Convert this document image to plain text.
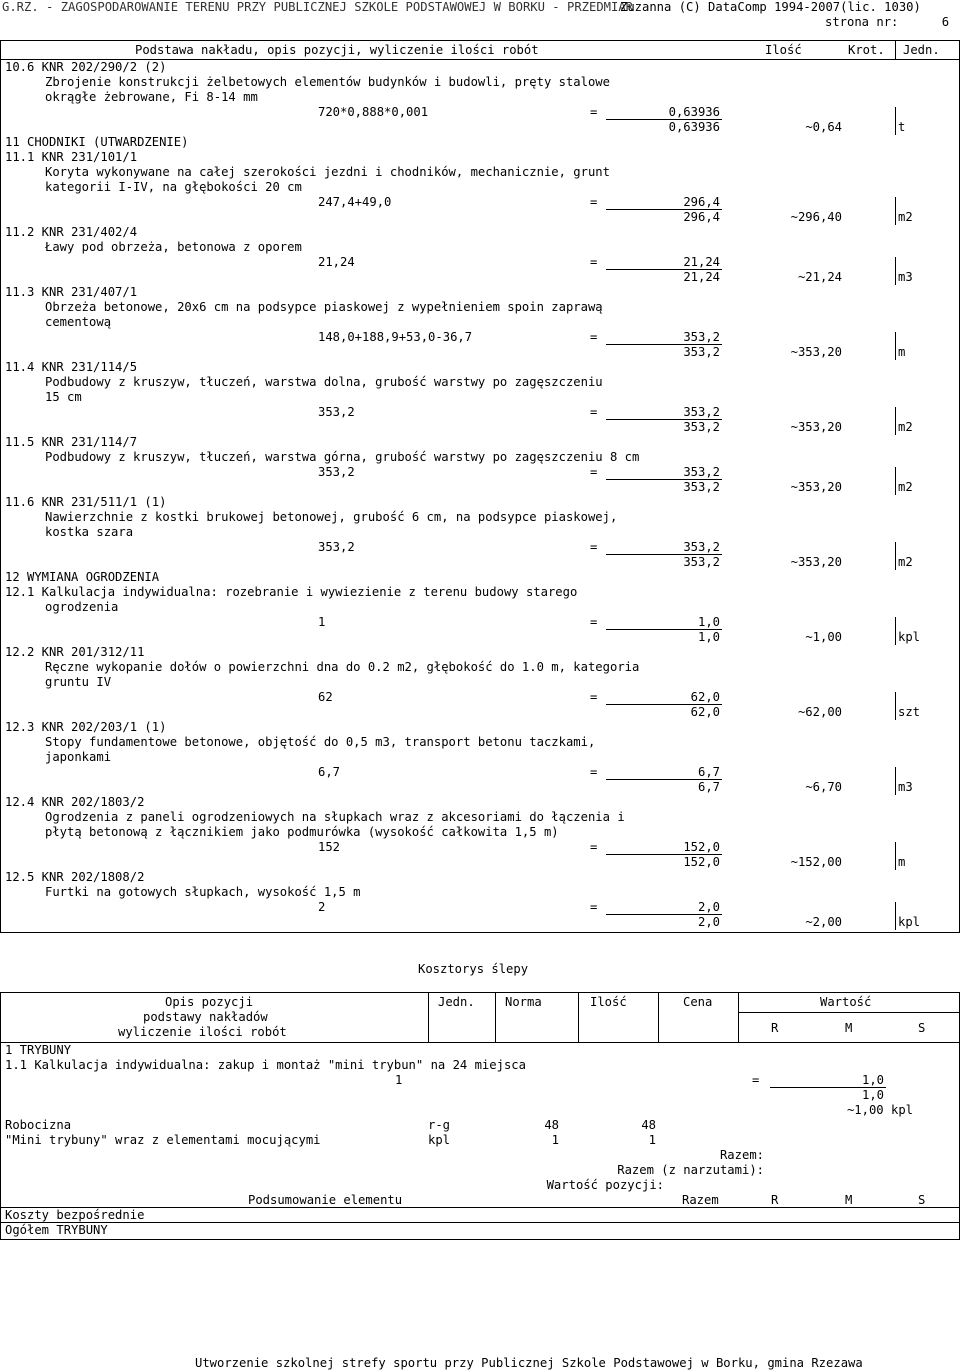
G.RZ. - ZAGOSPODAROWANIE TERENU PRZY PUBLICZNEJ SZKOLE PODSTAWOWEJ W BORKU - PRZEDMIAR
Zuzanna (C) DataComp 1994-2007(lic. 1030)
strona nr:	6
Podstawa nakładu, opis pozycji, wyliczenie ilości robót	Ilość	Krot. Jedn.
10.6 KNR 202/290/2 (2)
Zbrojenie konstrukcji żelbetowych elementów budynków i budowli, pręty stalowe
okrągłe żebrowane, Fi 8-14 mm
720*0,888*0,001	=	0,63936
0,63936	~0,64	t
11 CHODNIKI (UTWARDZENIE)
11.1 KNR 231/101/1
Koryta wykonywane na całej szerokości jezdni i chodników, mechanicznie, grunt
kategorii I-IV, na głębokości 20 cm
247,4+49,0	=	296,4
296,4	~296,40	m2
11.2 KNR 231/402/4
Ławy pod obrzeża, betonowa z oporem
21,24	=	21,24
21,24	~21,24	m3
11.3 KNR 231/407/1
Obrzeża betonowe, 20x6 cm na podsypce piaskowej z wypełnieniem spoin zaprawą
cementową
148,0+188,9+53,0-36,7	=	353,2
353,2	~353,20	m
11.4 KNR 231/114/5
Podbudowy z kruszyw, tłuczeń, warstwa dolna, grubość warstwy po zagęszczeniu
15 cm
353,2	=	353,2
353,2	~353,20	m2
11.5 KNR 231/114/7
Podbudowy z kruszyw, tłuczeń, warstwa górna, grubość warstwy po zagęszczeniu 8 cm
353,2	=	353,2
353,2	~353,20	m2
11.6 KNR 231/511/1 (1)
Nawierzchnie z kostki brukowej betonowej, grubość 6 cm, na podsypce piaskowej,
kostka szara
353,2	=	353,2
353,2	~353,20	m2
12 WYMIANA OGRODZENIA
12.1 Kalkulacja indywidualna: rozebranie i wywiezienie z terenu budowy starego
ogrodzenia
1	=	1,0
1,0	~1,00	kpl
12.2 KNR 201/312/11
Ręczne wykopanie dołów o powierzchni dna do 0.2 m2, głębokość do 1.0 m, kategoria
gruntu IV
62	=	62,0
62,0	~62,00	szt
12.3 KNR 202/203/1 (1)
Stopy fundamentowe betonowe, objętość do 0,5 m3, transport betonu taczkami,
japonkami
6,7	=	6,7
6,7	~6,70	m3
12.4 KNR 202/1803/2
Ogrodzenia z paneli ogrodzeniowych na słupkach wraz z akcesoriami do łączenia i
płytą betonową z łącznikiem jako podmurówka (wysokość całkowita 1,5 m)
152	=	152,0
152,0	~152,00	m
12.5 KNR 202/1808/2
Furtki na gotowych słupkach, wysokość 1,5 m
2	=	2,0
2,0	~2,00	kpl
Kosztorys ślepy
Opis pozycji
podstawy nakładów
wyliczenie ilości robót
Jedn. Norma	Ilość	Cena	Wartość
R	M	S
1 TRYBUNY
1.1 Kalkulacja indywidualna: zakup i montaż "mini trybun" na 24 miejsca
1	=	1,0
1,0
~1,00 kpl
Robocizna	r-g	48	48
"Mini trybuny" wraz z elementami mocującymi	kpl	1	1
Razem:
Razem (z narzutami):
Wartość pozycji:
Podsumowanie elementu	Razem	R	M	S
Koszty bezpośrednie
Ogółem TRYBUNY
Utworzenie szkolnej strefy sportu przy Publicznej Szkole Podstawowej w Borku, gmina Rzezawa
